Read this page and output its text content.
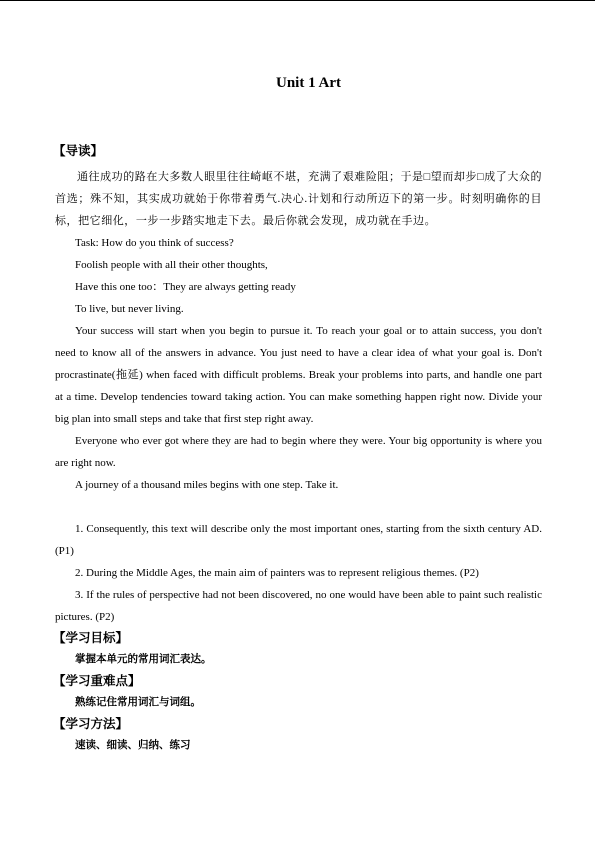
Unit 1 Art
【导读】
通往成功的路在大多数人眼里往往崎岖不堪，充满了艰难险阻；于是□望而却步□成了大众的首选；殊不知，其实成功就始于你带着勇气.决心.计划和行动所迈下的第一步。时刻明确你的目标，把它细化，一步一步踏实地走下去。最后你就会发现，成功就在手边。
Task: How do you think of success?
Foolish people with all their other thoughts,
Have this one too：They are always getting ready
To live, but never living.

Your success will start when you begin to pursue it. To reach your goal or to attain success, you don't need to know all of the answers in advance. You just need to have a clear idea of what your goal is. Don't procrastinate(拖延) when faced with difficult problems. Break your problems into parts, and handle one part at a time. Develop tendencies toward taking action. You can make something happen right now. Divide your big plan into small steps and take that first step right away.

Everyone who ever got where they are had to begin where they were. Your big opportunity is where you are right now.

A journey of a thousand miles begins with one step. Take it.

1. Consequently, this text will describe only the most important ones, starting from the sixth century AD. (P1)

2. During the Middle Ages, the main aim of painters was to represent religious themes. (P2)

3. If the rules of perspective had not been discovered, no one would have been able to paint such realistic pictures. (P2)

【学习目标】
掌握本单元的常用词汇表达。
【学习重难点】
熟练记住常用词汇与词组。
【学习方法】
速读、细读、归纳、练习
